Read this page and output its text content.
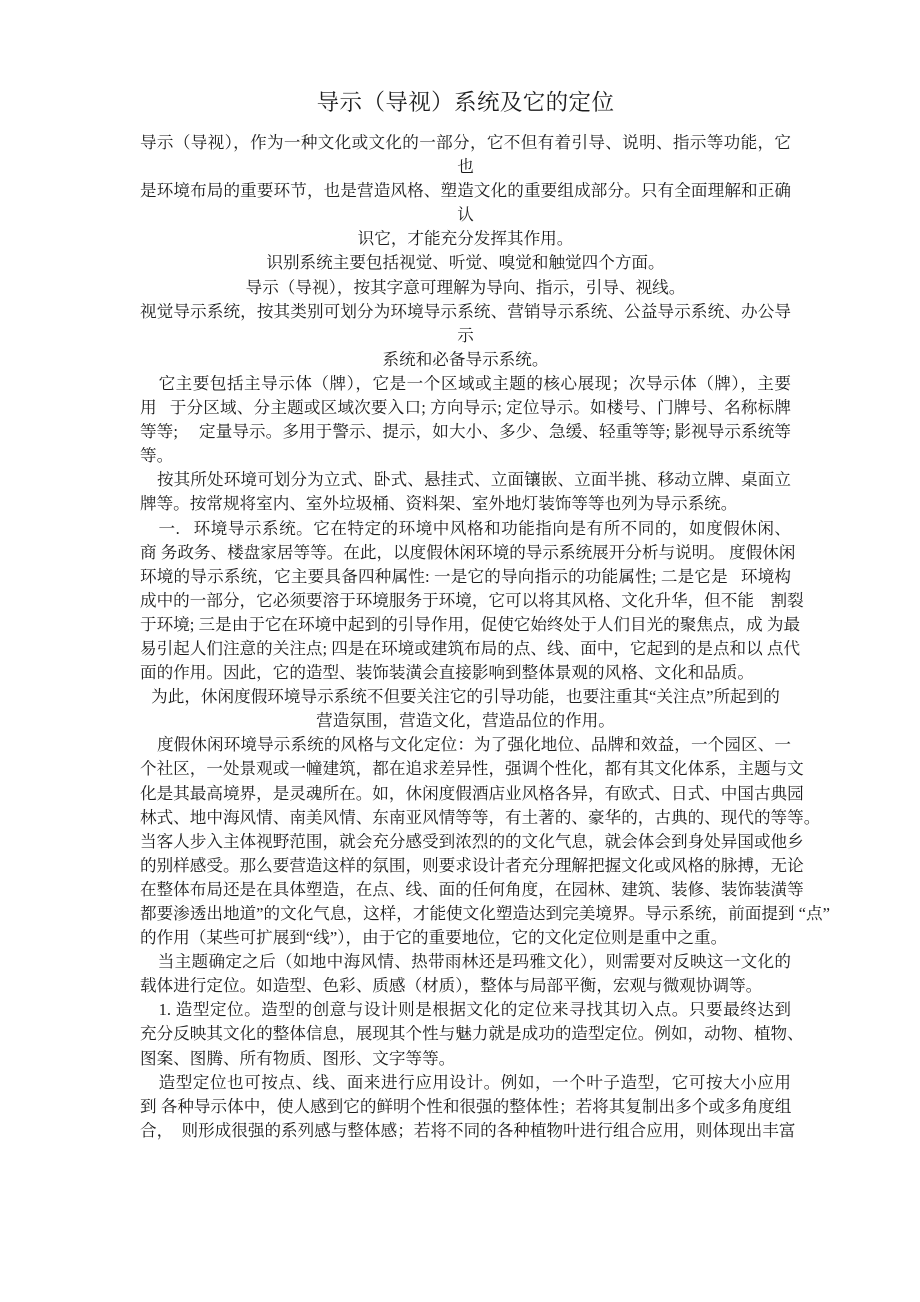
导示（导视）系统及它的定位

导示（导视），作为一种文化或文化的一部分，它不但有着引导、说明、指示等功能，它
也
是环境布局的重要环节，也是营造风格、塑造文化的重要组成部分。只有全面理解和正确
认
识它，才能充分发挥其作用。
识别系统主要包括视觉、听觉、嗅觉和触觉四个方面。
导示（导视），按其字意可理解为导向、指示，引导、视线。
视觉导示系统，按其类别可划分为环境导示系统、营销导示系统、公益导示系统、办公导
示
系统和必备导示系统。

它主要包括主导示体（牌），它是一个区域或主题的核心展现；次导示体（牌），主要
用   于分区域、分主题或区域次要入口; 方向导示; 定位导示。如楼号、门牌号、名称标牌
等等;     定量导示。多用于警示、提示，如大小、多少、急缓、轻重等等; 影视导示系统等
等。

按其所处环境可划分为立式、卧式、悬挂式、立面镶嵌、立面半挑、移动立牌、桌面立
牌等。按常规将室内、室外垃圾桶、资料架、室外地灯装饰等等也列为导示系统。

一.   环境导示系统。它在特定的环境中风格和功能指向是有所不同的，如度假休闲、
商 务政务、楼盘家居等等。在此，以度假休闲环境的导示系统展开分析与说明。 度假休闲
环境的导示系统，它主要具备四种属性: 一是它的导向指示的功能属性; 二是它是   环境构
成中的一部分，它必须要溶于环境服务于环境，它可以将其风格、文化升华，但不能    割裂
于环境; 三是由于它在环境中起到的引导作用，促使它始终处于人们目光的聚焦点，成 为最
易引起人们注意的关注点; 四是在环境或建筑布局的点、线、面中，它起到的是点和以 点代
面的作用。因此，它的造型、装饰装潢会直接影响到整体景观的风格、文化和品质。

为此，休闲度假环境导示系统不但要关注它的引导功能，也要注重其“关注点”所起到的
营造氛围，营造文化，营造品位的作用。

度假休闲环境导示系统的风格与文化定位：为了强化地位、品牌和效益，一个园区、一
个社区，一处景观或一幢建筑，都在追求差异性，强调个性化，都有其文化体系，主题与文
化是其最高境界，是灵魂所在。如，休闲度假酒店业风格各异，有欧式、日式、中国古典园
林式、地中海风情、南美风情、东南亚风情等等，有土著的、豪华的，古典的、现代的等等。
当客人步入主体视野范围，就会充分感受到浓烈的的文化气息，就会体会到身处异国或他乡
的别样感受。那么要营造这样的氛围，则要求设计者充分理解把握文化或风格的脉搏，无论
在整体布局还是在具体塑造，在点、线、面的任何角度，在园林、建筑、装修、装饰装潢等
都要渗透出地道”的文化气息，这样，才能使文化塑造达到完美境界。导示系统，前面提到 “点”
的作用（某些可扩展到“线”），由于它的重要地位，它的文化定位则是重中之重。

当主题确定之后（如地中海风情、热带雨林还是玛雅文化），则需要对反映这一文化的
载体进行定位。如造型、色彩、质感（材质），整体与局部平衡，宏观与微观协调等。

1. 造型定位。造型的创意与设计则是根据文化的定位来寻找其切入点。只要最终达到
充分反映其文化的整体信息，展现其个性与魅力就是成功的造型定位。例如，动物、植物、
图案、图腾、所有物质、图形、文字等等。

造型定位也可按点、线、面来进行应用设计。例如，一个叶子造型，它可按大小应用
到 各种导示体中，使人感到它的鲜明个性和很强的整体性；若将其复制出多个或多角度组
合，  则形成很强的系列感与整体感；若将不同的各种植物叶进行组合应用，则体现出丰富
